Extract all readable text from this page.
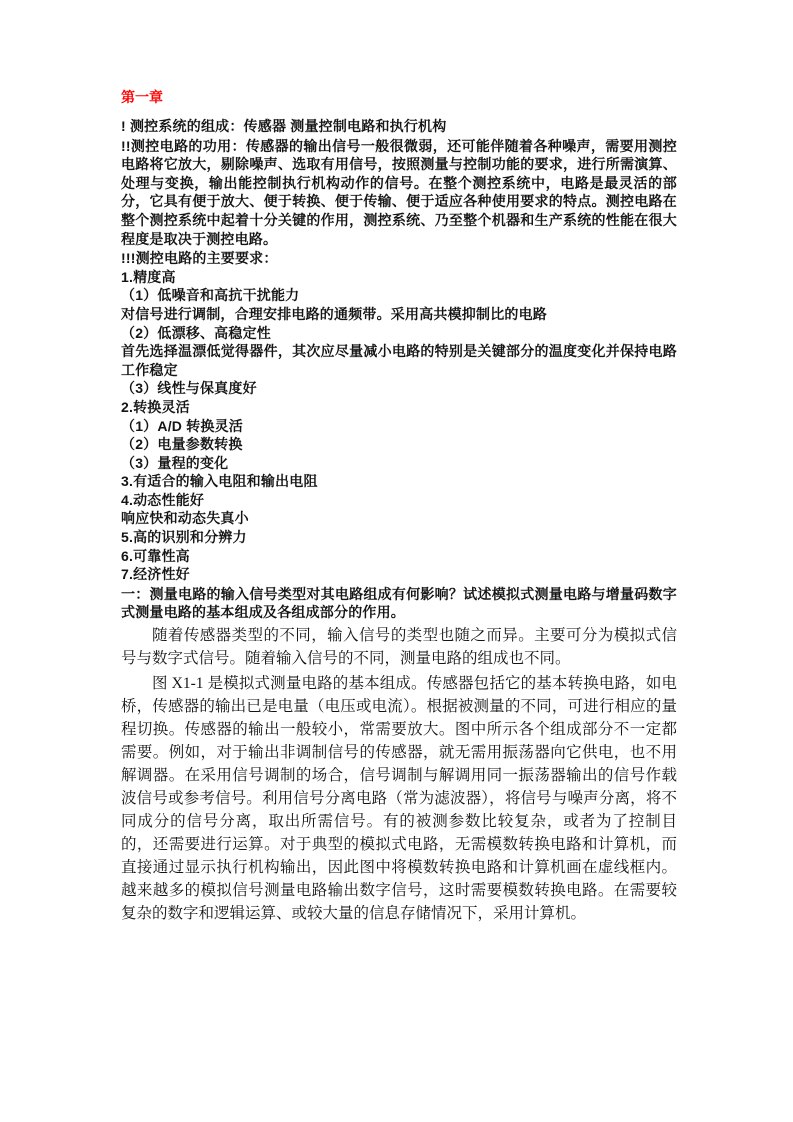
第一章

! 测控系统的组成：传感器 测量控制电路和执行机构

!!测控电路的功用：传感器的输出信号一般很微弱，还可能伴随着各种噪声，需要用测控电路将它放大，剔除噪声、选取有用信号，按照测量与控制功能的要求，进行所需演算、处理与变换，输出能控制执行机构动作的信号。在整个测控系统中，电路是最灵活的部分，它具有便于放大、便于转换、便于传输、便于适应各种使用要求的特点。测控电路在整个测控系统中起着十分关键的作用，测控系统、乃至整个机器和生产系统的性能在很大程度是取决于测控电路。

!!!测控电路的主要要求：

1.精度高

（1）低噪音和高抗干扰能力

对信号进行调制，合理安排电路的通频带。采用高共模抑制比的电路

（2）低漂移、高稳定性

首先选择温漂低觉得器件，其次应尽量减小电路的特别是关键部分的温度变化并保持电路工作稳定

（3）线性与保真度好

2.转换灵活

（1）A/D 转换灵活

（2）电量参数转换

（3）量程的变化

3.有适合的输入电阻和输出电阻

4.动态性能好

响应快和动态失真小

5.高的识别和分辨力

6.可靠性高

7.经济性好

一：测量电路的输入信号类型对其电路组成有何影响？试述模拟式测量电路与增量码数字式测量电路的基本组成及各组成部分的作用。

随着传感器类型的不同，输入信号的类型也随之而异。主要可分为模拟式信号与数字式信号。随着输入信号的不同，测量电路的组成也不同。

图 X1-1 是模拟式测量电路的基本组成。传感器包括它的基本转换电路，如电桥，传感器的输出已是电量（电压或电流）。根据被测量的不同，可进行相应的量程切换。传感器的输出一般较小，常需要放大。图中所示各个组成部分不一定都需要。例如，对于输出非调制信号的传感器，就无需用振荡器向它供电，也不用解调器。在采用信号调制的场合，信号调制与解调用同一振荡器输出的信号作载波信号或参考信号。利用信号分离电路（常为滤波器），将信号与噪声分离，将不同成分的信号分离，取出所需信号。有的被测参数比较复杂，或者为了控制目的，还需要进行运算。对于典型的模拟式电路，无需模数转换电路和计算机，而直接通过显示执行机构输出，因此图中将模数转换电路和计算机画在虚线框内。越来越多的模拟信号测量电路输出数字信号，这时需要模数转换电路。在需要较复杂的数字和逻辑运算、或较大量的信息存储情况下，采用计算机。
